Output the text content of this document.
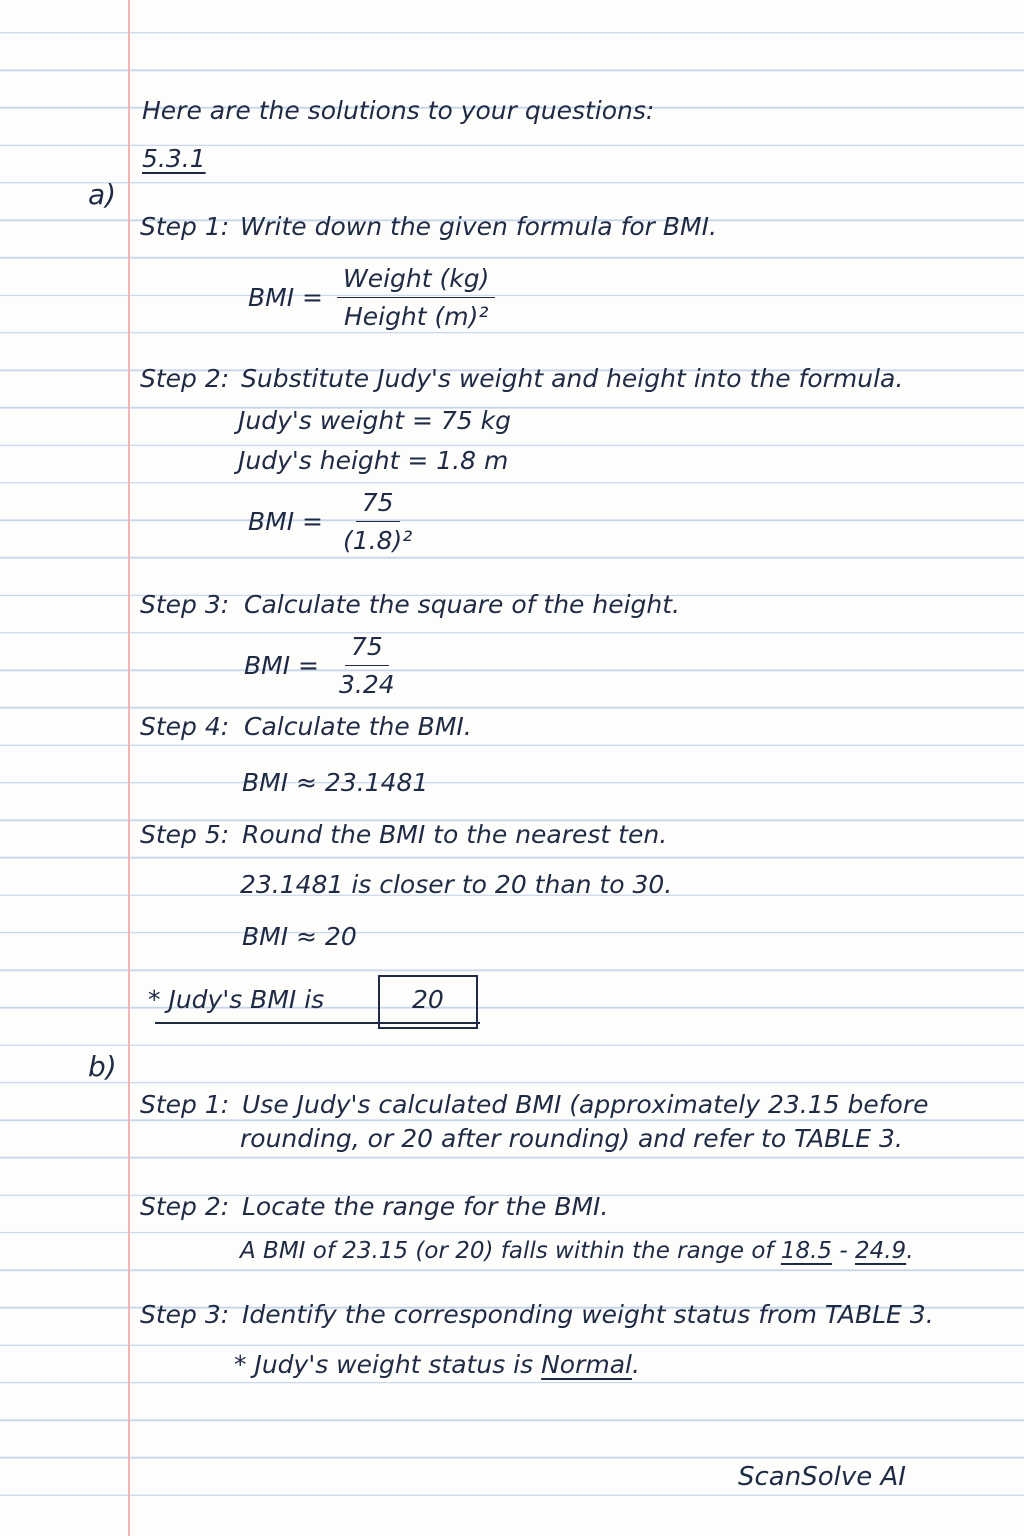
Here are the solutions to your questions:
5.3.1
a)
Step 1: Write down the given formula for BMI.
BMI = $\frac{\text{Weight (kg)}}{\text{Height (m)²}}$
Step 2: Substitute Judy's weight and height into the formula.
Judy's weight = 75 kg
Judy's height = 1.8 m
BMI = $\frac{75}{\text{(1.8)²}}$
Step 3: Calculate the square of the height.
BMI = $\frac{75}{3.24}$
Step 4: Calculate the BMI.
BMI ≈ 23.1481
Step 5: Round the BMI to the nearest ten.
23.1481 is closer to 20 than to 30.
BMI ≈ 20
* Judy's BMI is	20
b)
Step 1: Use Judy's calculated BMI (approximately 23.15 before
rounding, or 20 after rounding) and refer to TABLE 3.
Step 2: Locate the range for the BMI.
A BMI of 23.15 (or 20) falls within the range of 18.5 - 24.9.
Step 3: Identify the corresponding weight status from TABLE 3.
* Judy's weight status is Normal.
ScanSolve AI
